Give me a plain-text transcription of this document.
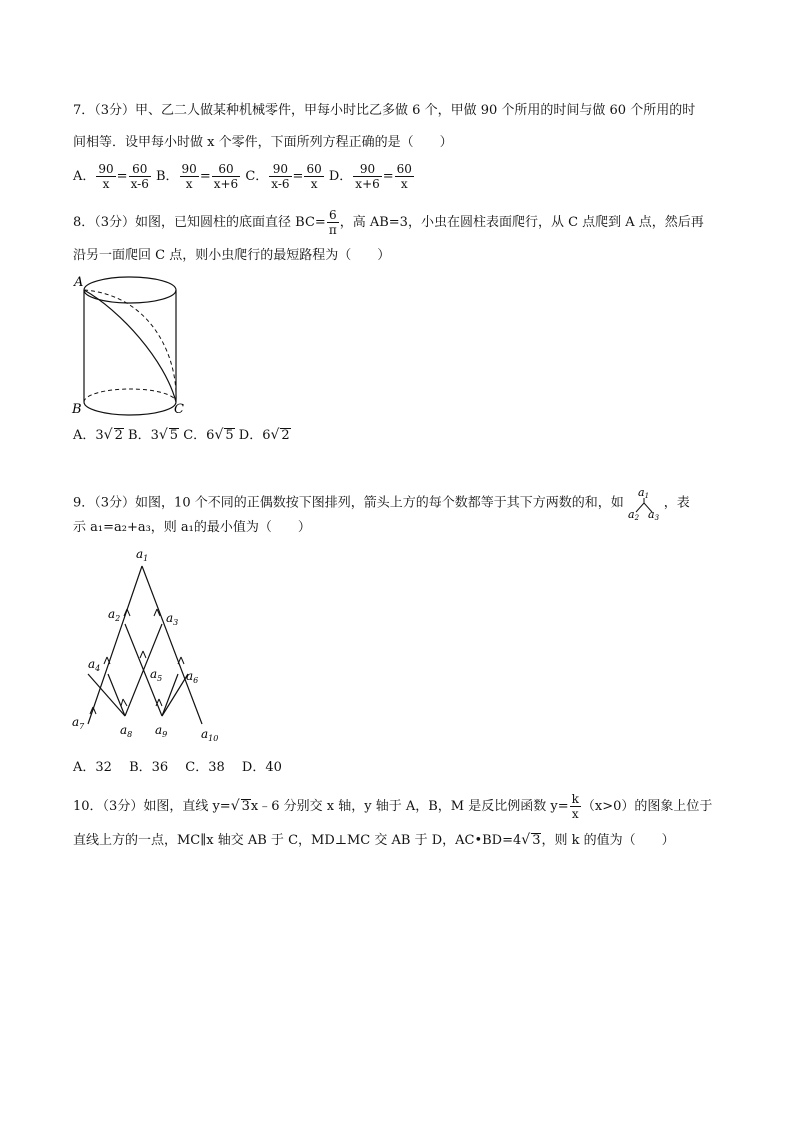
7．（3分）甲、乙二人做某种机械零件，甲每小时比乙多做 6 个，甲做 90 个所用的时间与做 60 个所用的时
间相等．设甲每小时做 x 个零件，下面所列方程正确的是（　　）
A． $\frac{90}{x} = \frac{60}{x-6}$ B． $\frac{90}{x} = \frac{60}{x+6}$ C． $\frac{90}{x-6} = \frac{60}{x}$ D． $\frac{90}{x+6} = \frac{60}{x}$
8．（3分）如图，已知圆柱的底面直径 $BC= \frac{6}{\pi}$ ，高 AB=3，小虫在圆柱表面爬行，从 C 点爬到 A 点，然后再
沿另一面爬回 C 点，则小虫爬行的最短路程为（　　）
A
B	C
A．3√ 2 B．3√ 5 C．6√ 5 D．6√ 2
9．（3分）如图，10 个不同的正偶数按下图排列，箭头上方的每个数都等于其下方两数的和，如
a1
a2 a3
，表
示 a₁=a₂+a₃，则 a₁的最小值为（　　）
$a_1$
$a_2$	$a_3$
$a_4$	$a_5$ $a_6$
$a_7$	$a_8$ $a_9$	$a_{10}$
A．32　 B．36　 C．38　 D．40
10．（3分）如图，直线 y=√ 3x﹣6 分别交 x 轴，y 轴于 A，B，M 是反比例函数 $y= \frac{k}{x} (x>0)$的图象上位于
直线上方的一点，MC∥x 轴交 AB 于 C，MD⊥MC 交 AB 于 D，AC•BD=4√ 3，则 k 的值为（　　）
